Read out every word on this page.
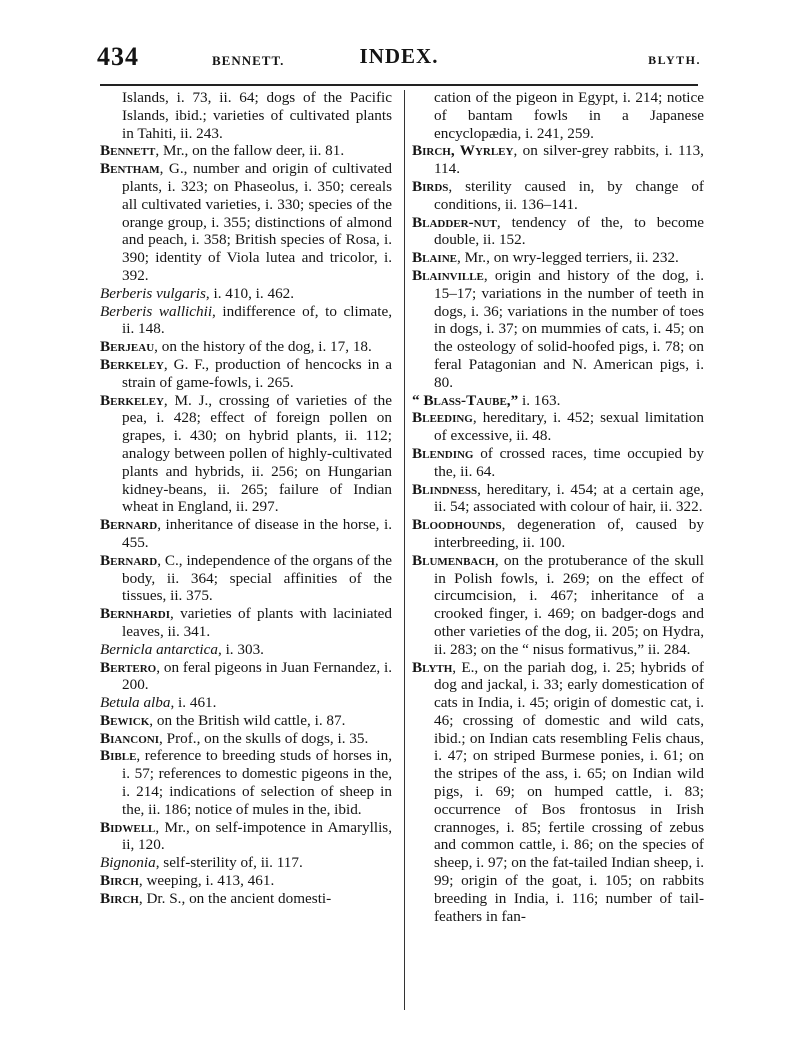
434	BENNETT.	INDEX.	BLYTH.

Islands, i. 73, ii. 64; dogs of the Pacific Islands, ibid.; varieties of cultivated plants in Tahiti, ii. 243.

Bennett, Mr., on the fallow deer, ii. 81.

Bentham, G., number and origin of cultivated plants, i. 323; on Phaseolus, i. 350; cereals all cultivated varieties, i. 330; species of the orange group, i. 355; distinctions of almond and peach, i. 358; British species of Rosa, i. 390; identity of Viola lutea and tricolor, i. 392.

Berberis vulgaris, i. 410, i. 462.

Berberis wallichii, indifference of, to climate, ii. 148.

Berjeau, on the history of the dog, i. 17, 18.

Berkeley, G. F., production of hencocks in a strain of game-fowls, i. 265.

Berkeley, M. J., crossing of varieties of the pea, i. 428; effect of foreign pollen on grapes, i. 430; on hybrid plants, ii. 112; analogy between pollen of highly-cultivated plants and hybrids, ii. 256; on Hungarian kidney-beans, ii. 265; failure of Indian wheat in England, ii. 297.

Bernard, inheritance of disease in the horse, i. 455.

Bernard, C., independence of the organs of the body, ii. 364; special affinities of the tissues, ii. 375.

Bernhardi, varieties of plants with laciniated leaves, ii. 341.

Bernicla antarctica, i. 303.

Bertero, on feral pigeons in Juan Fernandez, i. 200.

Betula alba, i. 461.

Bewick, on the British wild cattle, i. 87.

Bianconi, Prof., on the skulls of dogs, i. 35.

Bible, reference to breeding studs of horses in, i. 57; references to domestic pigeons in the, i. 214; indications of selection of sheep in the, ii. 186; notice of mules in the, ibid.

Bidwell, Mr., on self-impotence in Amaryllis, ii, 120.

Bignonia, self-sterility of, ii. 117.

Birch, weeping, i. 413, 461.

Birch, Dr. S., on the ancient domesti-

cation of the pigeon in Egypt, i. 214; notice of bantam fowls in a Japanese encyclopædia, i. 241, 259.

Birch, Wyrley, on silver-grey rabbits, i. 113, 114.

Birds, sterility caused in, by change of conditions, ii. 136–141.

Bladder-nut, tendency of the, to become double, ii. 152.

Blaine, Mr., on wry-legged terriers, ii. 232.

Blainville, origin and history of the dog, i. 15–17; variations in the number of teeth in dogs, i. 36; variations in the number of toes in dogs, i. 37; on mummies of cats, i. 45; on the osteology of solid-hoofed pigs, i. 78; on feral Patagonian and N. American pigs, i. 80.

“ Blass-Taube,” i. 163.

Bleeding, hereditary, i. 452; sexual limitation of excessive, ii. 48.

Blending of crossed races, time occupied by the, ii. 64.

Blindness, hereditary, i. 454; at a certain age, ii. 54; associated with colour of hair, ii. 322.

Bloodhounds, degeneration of, caused by interbreeding, ii. 100.

Blumenbach, on the protuberance of the skull in Polish fowls, i. 269; on the effect of circumcision, i. 467; inheritance of a crooked finger, i. 469; on badger-dogs and other varieties of the dog, ii. 205; on Hydra, ii. 283; on the “ nisus formativus,” ii. 284.

Blyth, E., on the pariah dog, i. 25; hybrids of dog and jackal, i. 33; early domestication of cats in India, i. 45; origin of domestic cat, i. 46; crossing of domestic and wild cats, ibid.; on Indian cats resembling Felis chaus, i. 47; on striped Burmese ponies, i. 61; on the stripes of the ass, i. 65; on Indian wild pigs, i. 69; on humped cattle, i. 83; occurrence of Bos frontosus in Irish crannoges, i. 85; fertile crossing of zebus and common cattle, i. 86; on the species of sheep, i. 97; on the fat-tailed Indian sheep, i. 99; origin of the goat, i. 105; on rabbits breeding in India, i. 116; number of tail-feathers in fan-
